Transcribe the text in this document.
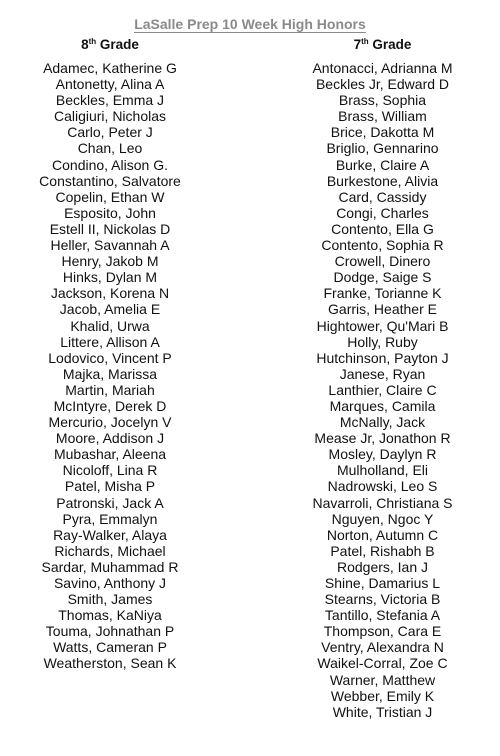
LaSalle Prep 10 Week High Honors
8th Grade
Adamec, Katherine G
Antonetty, Alina A
Beckles, Emma J
Caligiuri, Nicholas
Carlo, Peter J
Chan, Leo
Condino, Alison G.
Constantino, Salvatore
Copelin, Ethan W
Esposito, John
Estell II, Nickolas D
Heller, Savannah A
Henry, Jakob M
Hinks, Dylan M
Jackson, Korena N
Jacob, Amelia E
Khalid, Urwa
Littere, Allison A
Lodovico, Vincent P
Majka, Marissa
Martin, Mariah
McIntyre, Derek D
Mercurio, Jocelyn V
Moore, Addison J
Mubashar, Aleena
Nicoloff, Lina R
Patel, Misha P
Patronski, Jack A
Pyra, Emmalyn
Ray-Walker, Alaya
Richards, Michael
Sardar, Muhammad R
Savino, Anthony J
Smith, James
Thomas, KaNiya
Touma, Johnathan P
Watts, Cameran P
Weatherston, Sean K
7th Grade
Antonacci, Adrianna M
Beckles Jr, Edward D
Brass, Sophia
Brass, William
Brice, Dakotta M
Briglio, Gennarino
Burke, Claire A
Burkestone, Alivia
Card, Cassidy
Congi, Charles
Contento, Ella G
Contento, Sophia R
Crowell, Dinero
Dodge, Saige S
Franke, Torianne K
Garris, Heather E
Hightower, Qu'Mari B
Holly, Ruby
Hutchinson, Payton J
Janese, Ryan
Lanthier, Claire C
Marques, Camila
McNally, Jack
Mease Jr, Jonathon R
Mosley, Daylyn R
Mulholland, Eli
Nadrowski, Leo S
Navarroli, Christiana S
Nguyen, Ngoc Y
Norton, Autumn C
Patel, Rishabh B
Rodgers, Ian J
Shine, Damarius L
Stearns, Victoria B
Tantillo, Stefania A
Thompson, Cara E
Ventry, Alexandra N
Waikel-Corral, Zoe C
Warner, Matthew
Webber, Emily K
White, Tristian J
